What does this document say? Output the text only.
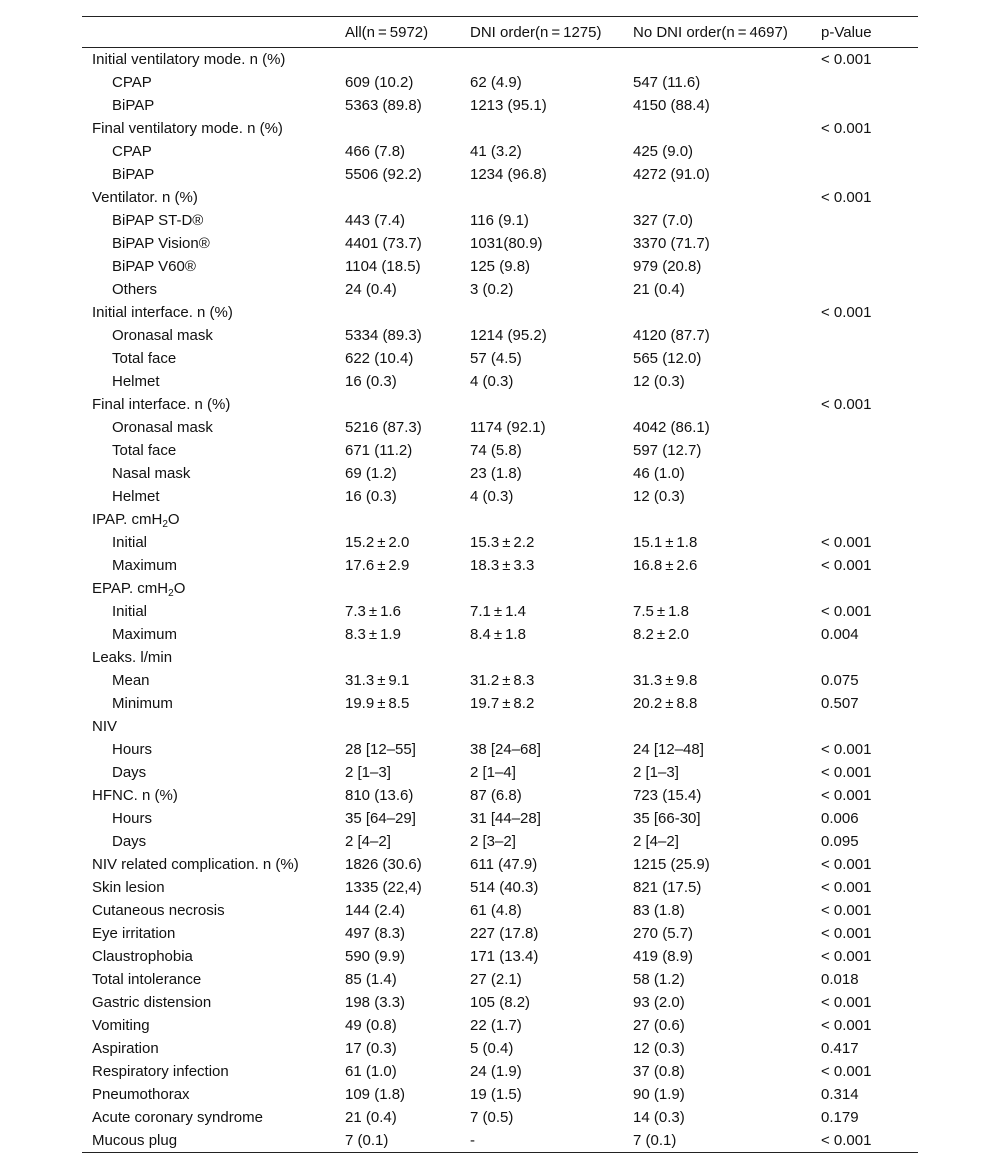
	All(n = 5972)	DNI order(n = 1275)	No DNI order(n = 4697)	p-Value
Initial ventilatory mode. n (%)				< 0.001
CPAP	609 (10.2)	62 (4.9)	547 (11.6)	
BiPAP	5363 (89.8)	1213 (95.1)	4150 (88.4)	
Final ventilatory mode. n (%)				< 0.001
CPAP	466 (7.8)	41 (3.2)	425 (9.0)	
BiPAP	5506 (92.2)	1234 (96.8)	4272 (91.0)	
Ventilator. n (%)				< 0.001
BiPAP ST-D®	443 (7.4)	116 (9.1)	327 (7.0)	
BiPAP Vision®	4401 (73.7)	1031(80.9)	3370 (71.7)	
BiPAP V60®	1104 (18.5)	125 (9.8)	979 (20.8)	
Others	24 (0.4)	3 (0.2)	21 (0.4)	
Initial interface. n (%)				< 0.001
Oronasal mask	5334 (89.3)	1214 (95.2)	4120 (87.7)	
Total face	622 (10.4)	57 (4.5)	565 (12.0)	
Helmet	16 (0.3)	4 (0.3)	12 (0.3)	
Final interface. n (%)				< 0.001
Oronasal mask	5216 (87.3)	1174 (92.1)	4042 (86.1)	
Total face	671 (11.2)	74 (5.8)	597 (12.7)	
Nasal mask	69 (1.2)	23 (1.8)	46 (1.0)	
Helmet	16 (0.3)	4 (0.3)	12 (0.3)	
IPAP. cmH$_2$O				
Initial	15.2 ± 2.0	15.3 ± 2.2	15.1 ± 1.8	< 0.001
Maximum	17.6 ± 2.9	18.3 ± 3.3	16.8 ± 2.6	< 0.001
EPAP. cmH$_2$O				
Initial	7.3 ± 1.6	7.1 ± 1.4	7.5 ± 1.8	< 0.001
Maximum	8.3 ± 1.9	8.4 ± 1.8	8.2 ± 2.0	0.004
Leaks. l/min				
Mean	31.3 ± 9.1	31.2 ± 8.3	31.3 ± 9.8	0.075
Minimum	19.9 ± 8.5	19.7 ± 8.2	20.2 ± 8.8	0.507
NIV				
Hours	28 [12–55]	38 [24–68]	24 [12–48]	< 0.001
Days	2 [1–3]	2 [1–4]	2 [1–3]	< 0.001
HFNC. n (%)	810 (13.6)	87 (6.8)	723 (15.4)	< 0.001
Hours	35 [64–29]	31 [44–28]	35 [66-30]	0.006
Days	2 [4–2]	2 [3–2]	2 [4–2]	0.095
NIV related complication. n (%)	1826 (30.6)	611 (47.9)	1215 (25.9)	< 0.001
Skin lesion	1335 (22,4)	514 (40.3)	821 (17.5)	< 0.001
Cutaneous necrosis	144 (2.4)	61 (4.8)	83 (1.8)	< 0.001
Eye irritation	497 (8.3)	227 (17.8)	270 (5.7)	< 0.001
Claustrophobia	590 (9.9)	171 (13.4)	419 (8.9)	< 0.001
Total intolerance	85 (1.4)	27 (2.1)	58 (1.2)	0.018
Gastric distension	198 (3.3)	105 (8.2)	93 (2.0)	< 0.001
Vomiting	49 (0.8)	22 (1.7)	27 (0.6)	< 0.001
Aspiration	17 (0.3)	5 (0.4)	12 (0.3)	0.417
Respiratory infection	61 (1.0)	24 (1.9)	37 (0.8)	< 0.001
Pneumothorax	109 (1.8)	19 (1.5)	90 (1.9)	0.314
Acute coronary syndrome	21 (0.4)	7 (0.5)	14 (0.3)	0.179
Mucous plug	7 (0.1)	-	7 (0.1)	< 0.001
